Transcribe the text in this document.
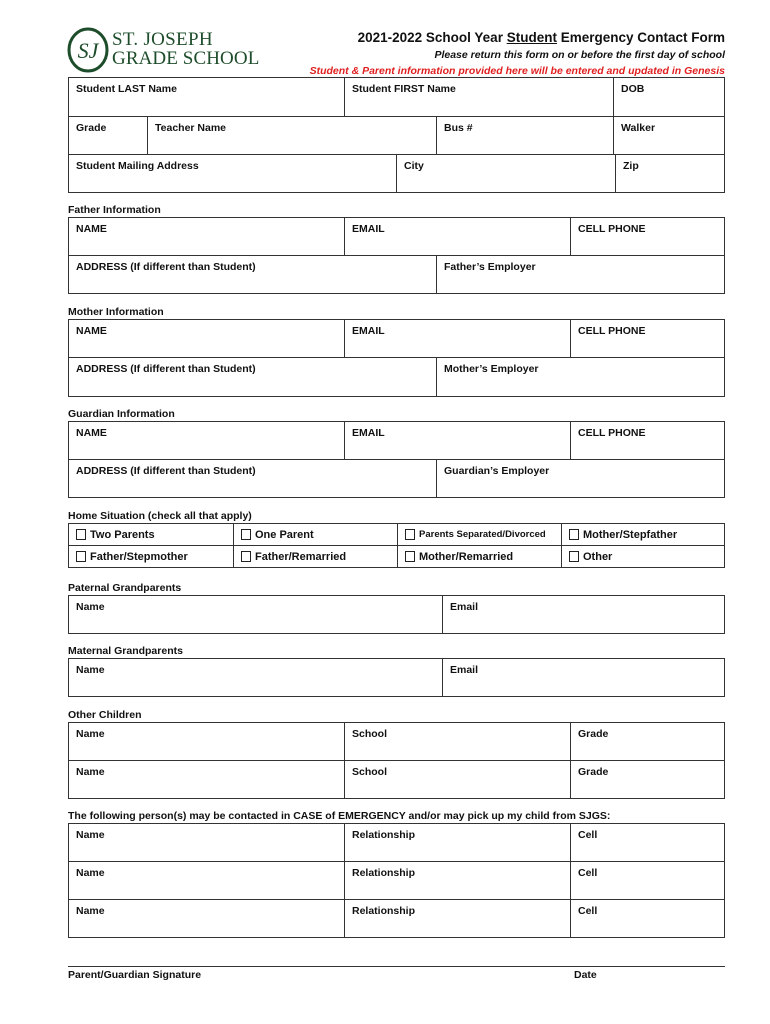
SJ ST. JOSEPH
GRADE SCHOOL
2021-2022 School Year Student Emergency Contact Form
Please return this form on or before the first day of school
Student & Parent information provided here will be entered and updated in Genesis
Student LAST Name	Student FIRST Name	DOB
Grade	Teacher Name	Bus #	Walker
Student Mailing Address	City	Zip
Father Information
NAME	EMAIL	CELL PHONE
ADDRESS (If different than Student)	Father’s Employer
Mother Information
NAME	EMAIL	CELL PHONE
ADDRESS (If different than Student)	Mother’s Employer
Guardian Information
NAME	EMAIL	CELL PHONE
ADDRESS (If different than Student)	Guardian’s Employer
Home Situation (check all that apply)
Two Parents	One Parent	Parents Separated/Divorced	Mother/Stepfather
Father/Stepmother	Father/Remarried	Mother/Remarried	Other
Paternal Grandparents
Name	Email
Maternal Grandparents
Name	Email
Other Children
Name	School	Grade
Name	School	Grade
The following person(s) may be contacted in CASE of EMERGENCY and/or may pick up my child from SJGS:
Name	Relationship	Cell
Name	Relationship	Cell
Name	Relationship	Cell
Parent/Guardian Signature	Date
